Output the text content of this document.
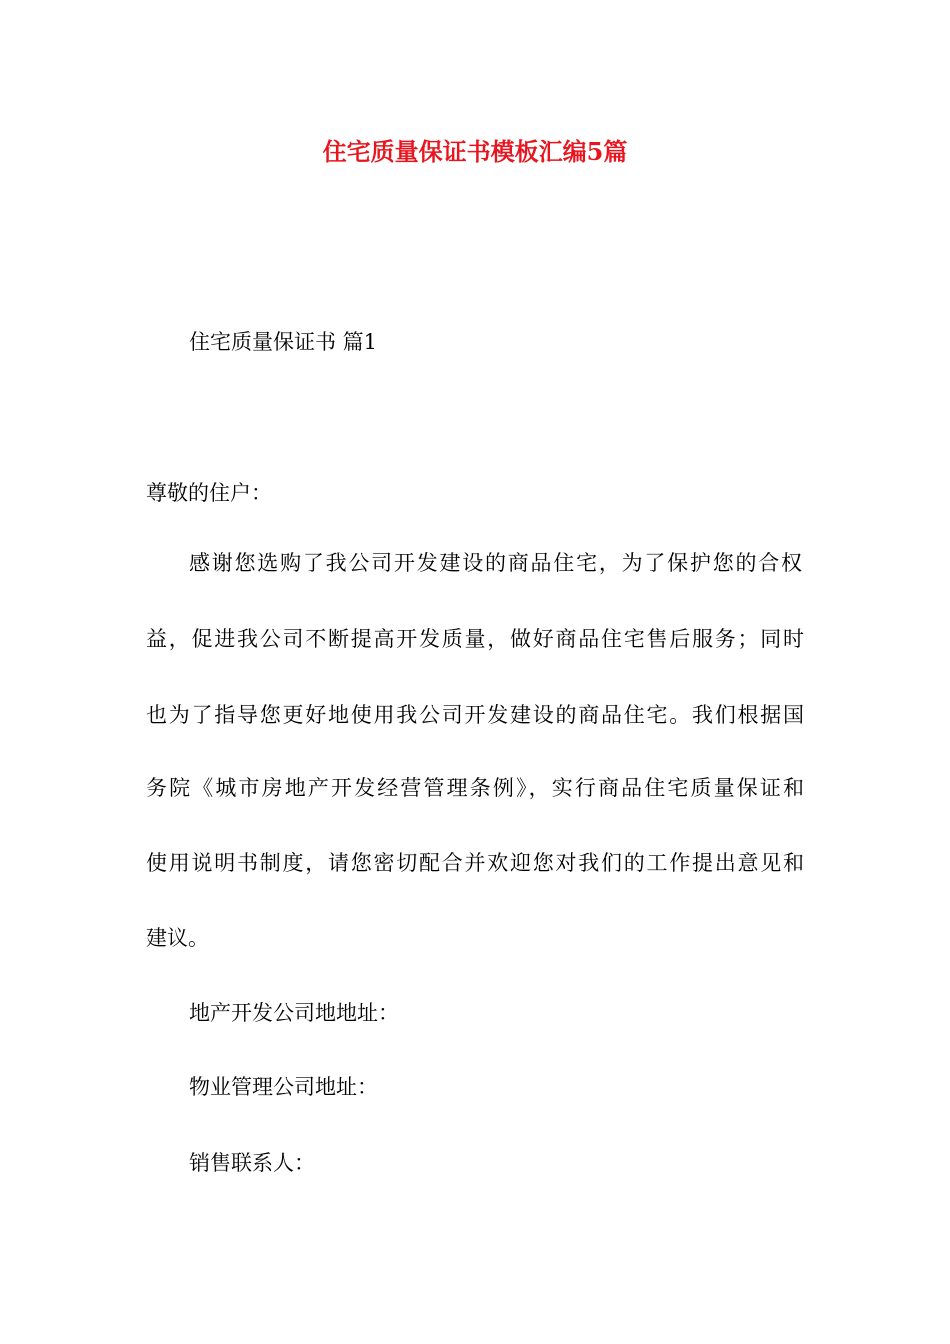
住宅质量保证书模板汇编5篇

住宅质量保证书 篇1

尊敬的住户：

感谢您选购了我公司开发建设的商品住宅，为了保护您的合权

益，促进我公司不断提高开发质量，做好商品住宅售后服务；同时

也为了指导您更好地使用我公司开发建设的商品住宅。我们根据国

务院《城市房地产开发经营管理条例》，实行商品住宅质量保证和

使用说明书制度，请您密切配合并欢迎您对我们的工作提出意见和

建议。

地产开发公司地地址：

物业管理公司地址：

销售联系人：
